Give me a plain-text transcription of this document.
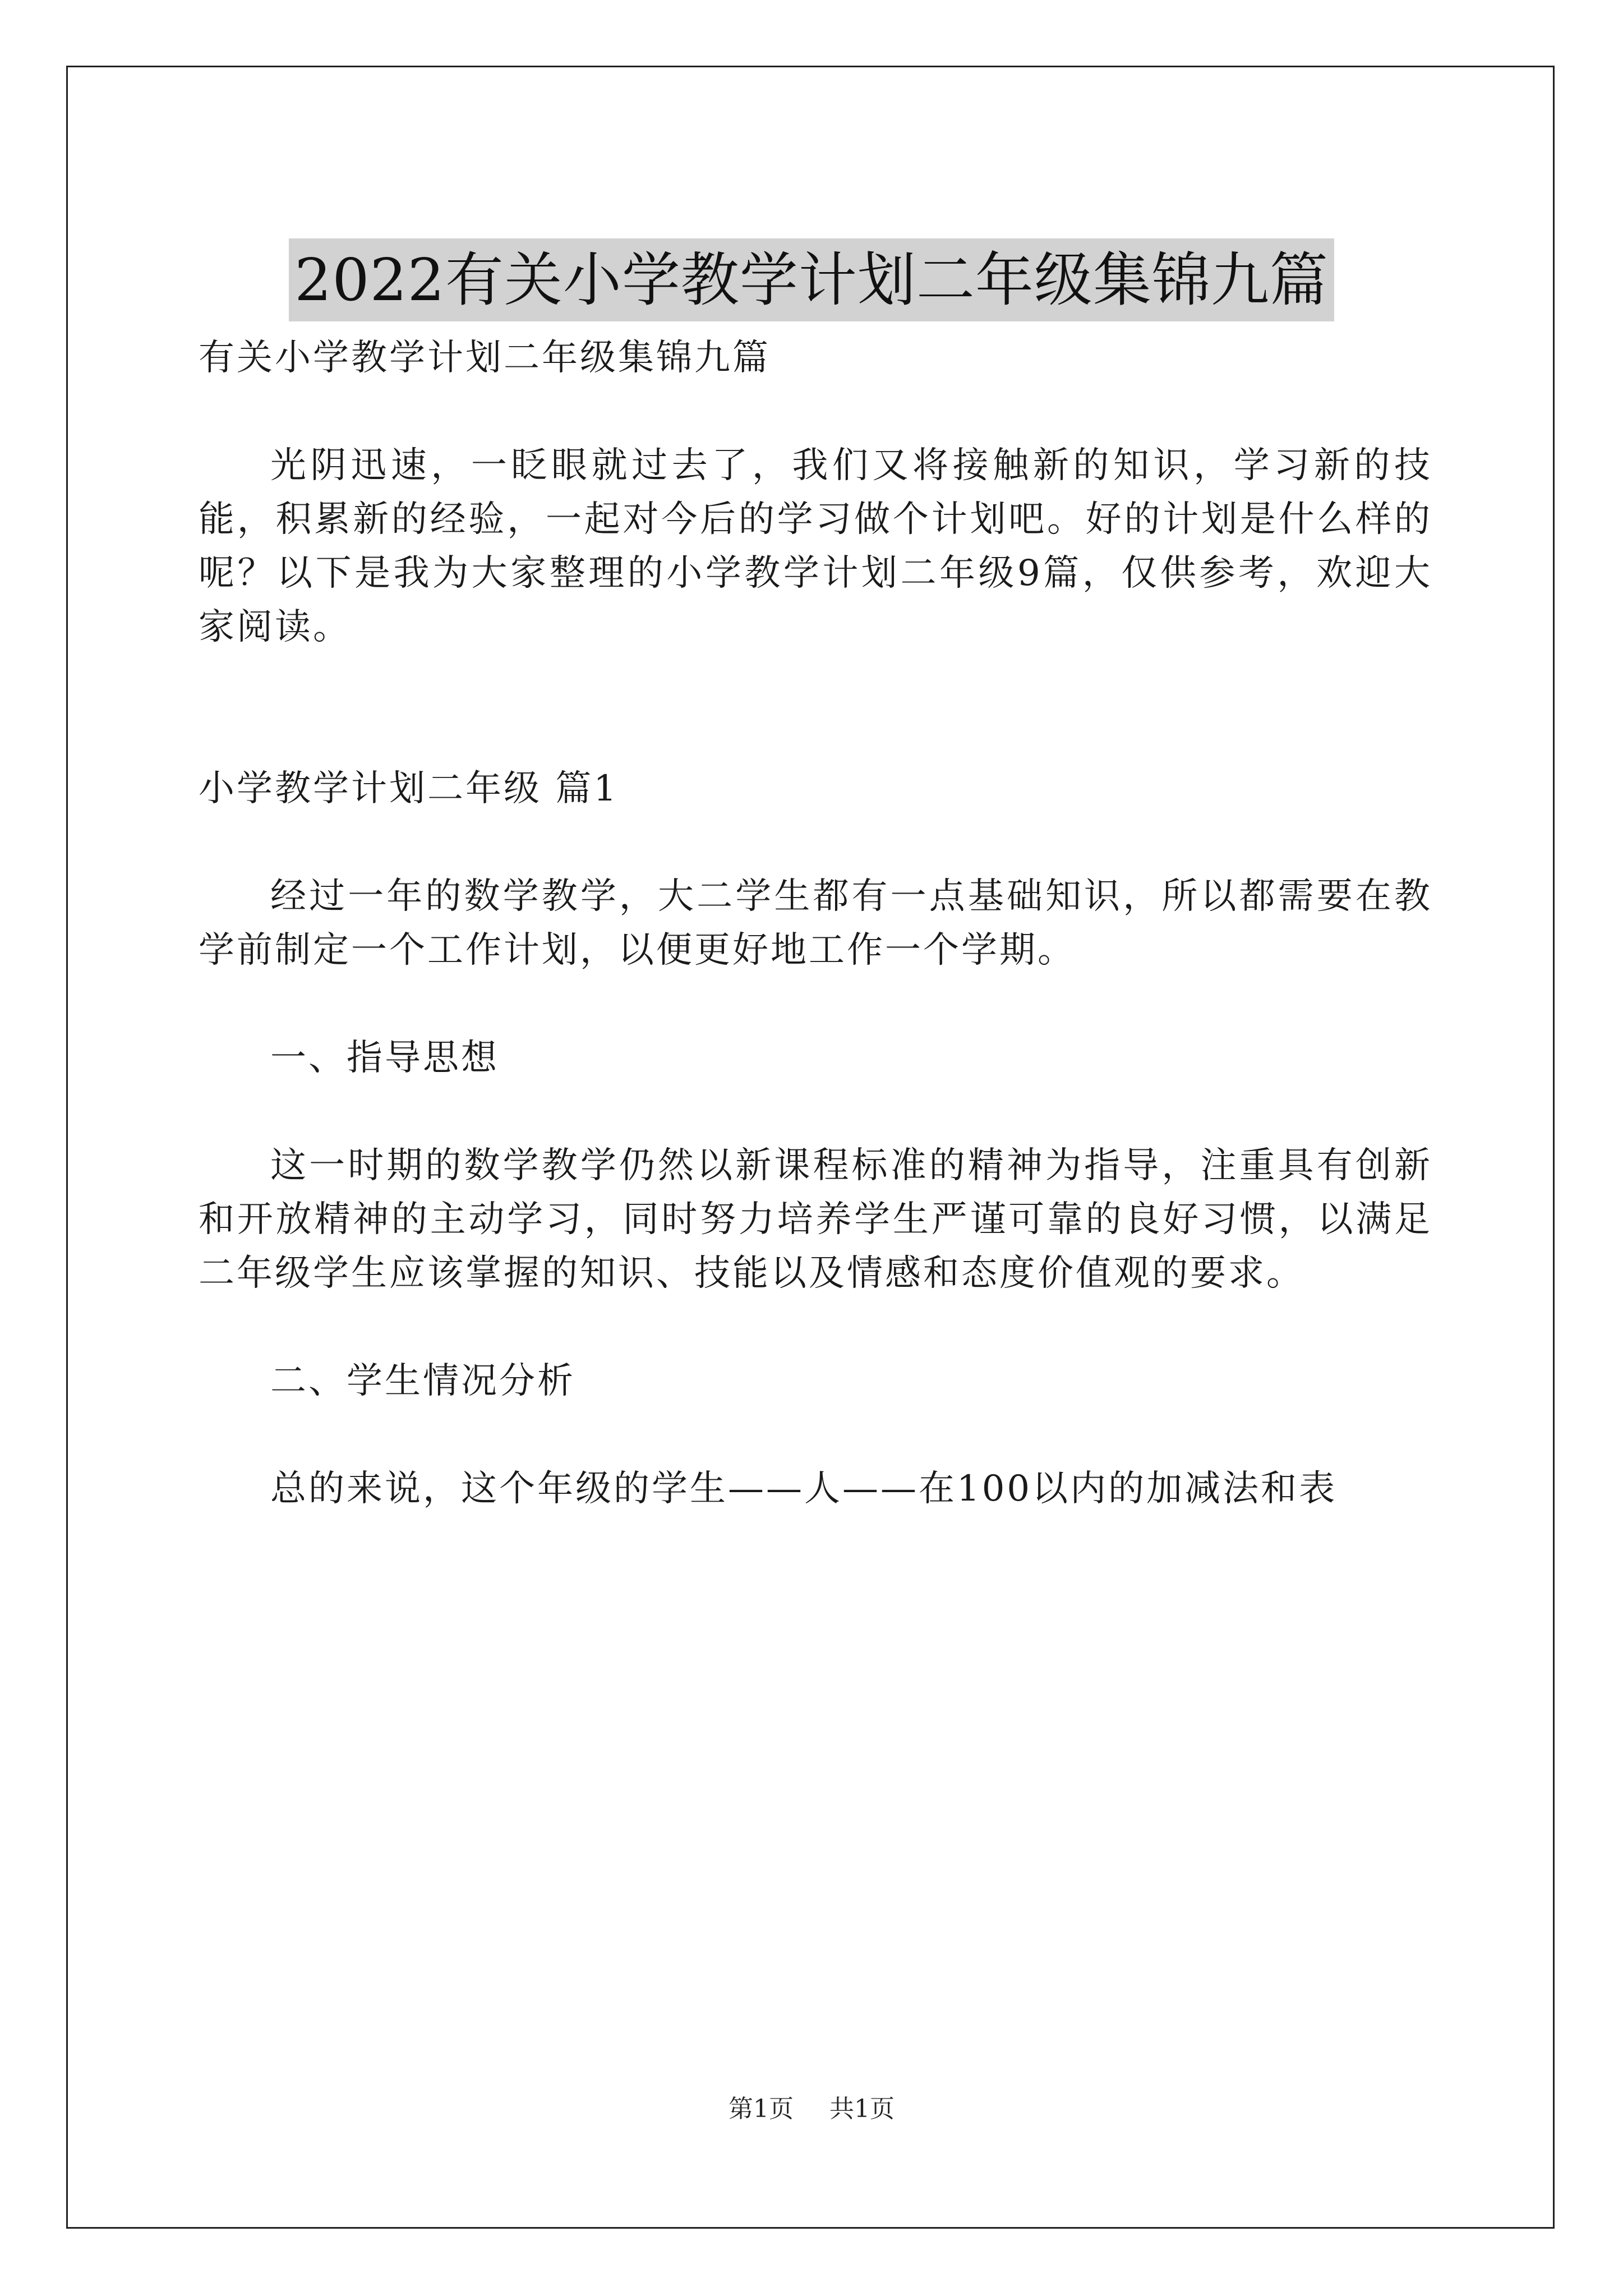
2022有关小学教学计划二年级集锦九篇

有关小学教学计划二年级集锦九篇

光阴迅速，一眨眼就过去了，我们又将接触新的知识，学习新的技能，积累新的经验，一起对今后的学习做个计划吧。好的计划是什么样的呢？以下是我为大家整理的小学教学计划二年级9篇，仅供参考，欢迎大家阅读。

小学教学计划二年级 篇1

经过一年的数学教学，大二学生都有一点基础知识，所以都需要在教学前制定一个工作计划，以便更好地工作一个学期。

一、指导思想

这一时期的数学教学仍然以新课程标准的精神为指导，注重具有创新和开放精神的主动学习，同时努力培养学生严谨可靠的良好习惯，以满足二年级学生应该掌握的知识、技能以及情感和态度价值观的要求。

二、学生情况分析

总的来说，这个年级的学生——人——在100以内的加减法和表

第1页 共1页
